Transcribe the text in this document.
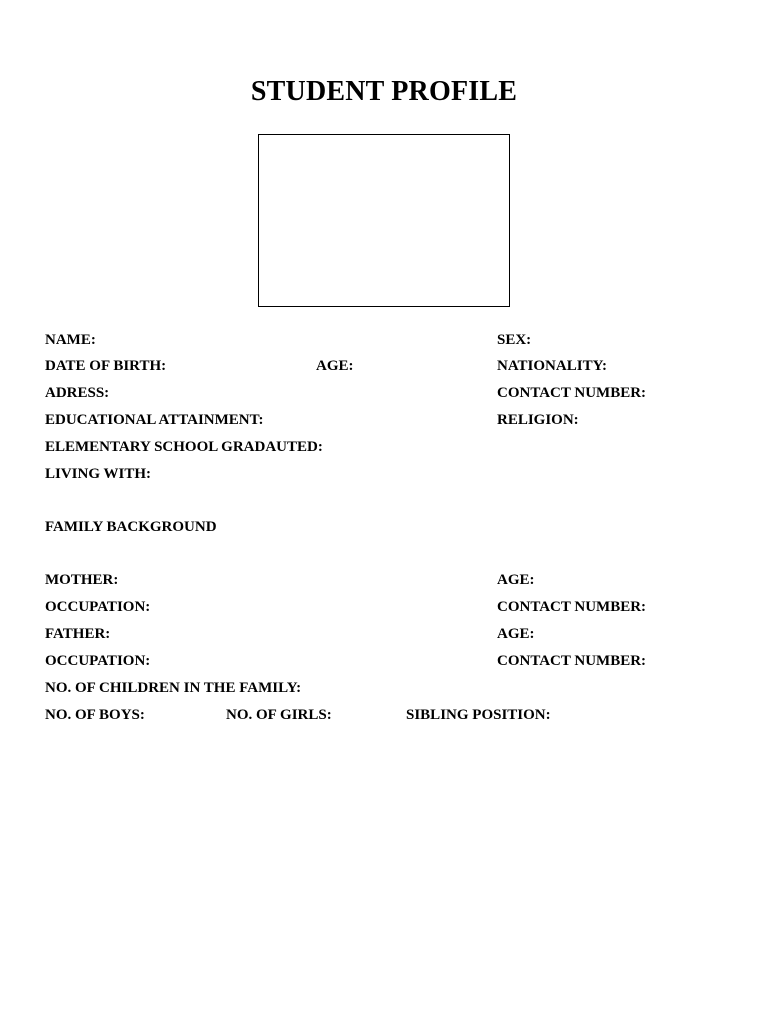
STUDENT PROFILE
NAME:	SEX:
DATE OF BIRTH:	AGE:	NATIONALITY:
ADRESS:	CONTACT NUMBER:
EDUCATIONAL ATTAINMENT:	RELIGION:
ELEMENTARY SCHOOL GRADAUTED:
LIVING WITH:
FAMILY BACKGROUND
MOTHER:	AGE:
OCCUPATION:	CONTACT NUMBER:
FATHER:	AGE:
OCCUPATION:	CONTACT NUMBER:
NO. OF CHILDREN IN THE FAMILY:
NO. OF BOYS:	NO. OF GIRLS:	SIBLING POSITION:
